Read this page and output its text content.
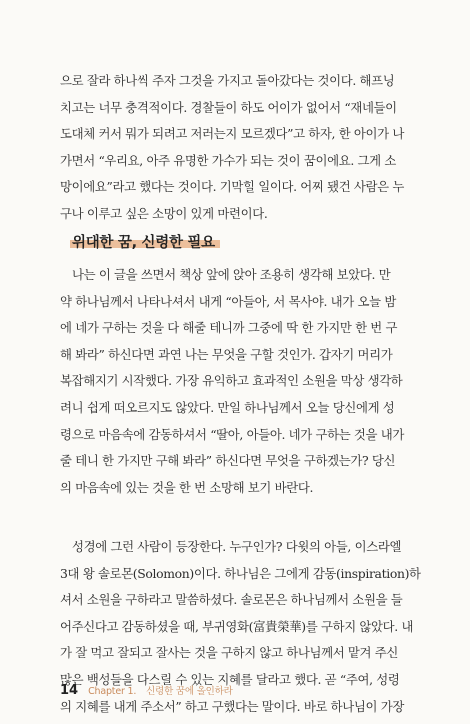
으로 잘라 하나씩 주자 그것을 가지고 돌아갔다는 것이다. 해프닝
치고는 너무 충격적이다. 경찰들이 하도 어이가 없어서 “재네들이
도대체 커서 뭐가 되려고 저러는지 모르겠다”고 하자, 한 아이가 나
가면서 “우리요, 아주 유명한 가수가 되는 것이 꿈이에요. 그게 소
망이에요”라고 했다는 것이다. 기막힐 일이다. 어찌 됐건 사람은 누
구나 이루고 싶은 소망이 있게 마련이다.
위대한 꿈, 신령한 필요
나는 이 글을 쓰면서 책상 앞에 앉아 조용히 생각해 보았다. 만
약 하나님께서 나타나셔서 내게 “아들아, 서 목사야. 내가 오늘 밤
에 네가 구하는 것을 다 해줄 테니까 그중에 딱 한 가지만 한 번 구
해 봐라” 하신다면 과연 나는 무엇을 구할 것인가. 갑자기 머리가
복잡해지기 시작했다. 가장 유익하고 효과적인 소원을 막상 생각하
려니 쉽게 떠오르지도 않았다. 만일 하나님께서 오늘 당신에게 성
령으로 마음속에 감동하셔서 “딸아, 아들아. 네가 구하는 것을 내가
줄 테니 한 가지만 구해 봐라” 하신다면 무엇을 구하겠는가? 당신
의 마음속에 있는 것을 한 번 소망해 보기 바란다.
성경에 그런 사람이 등장한다. 누구인가? 다윗의 아들, 이스라엘
3대 왕 솔로몬(Solomon)이다. 하나님은 그에게 감동(inspiration)하
셔서 소원을 구하라고 말씀하셨다. 솔로몬은 하나님께서 소원을 들
어주신다고 감동하셨을 때, 부귀영화(富貴榮華)를 구하지 않았다. 내
가 잘 먹고 잘되고 잘사는 것을 구하지 않고 하나님께서 맡겨 주신
많은 백성들을 다스릴 수 있는 지혜를 달라고 했다. 곧 “주여, 성령
의 지혜를 내게 주소서” 하고 구했다는 말이다. 바로 하나님이 가장
14 Chapter 1. 신령한 꿈에 올인하라
